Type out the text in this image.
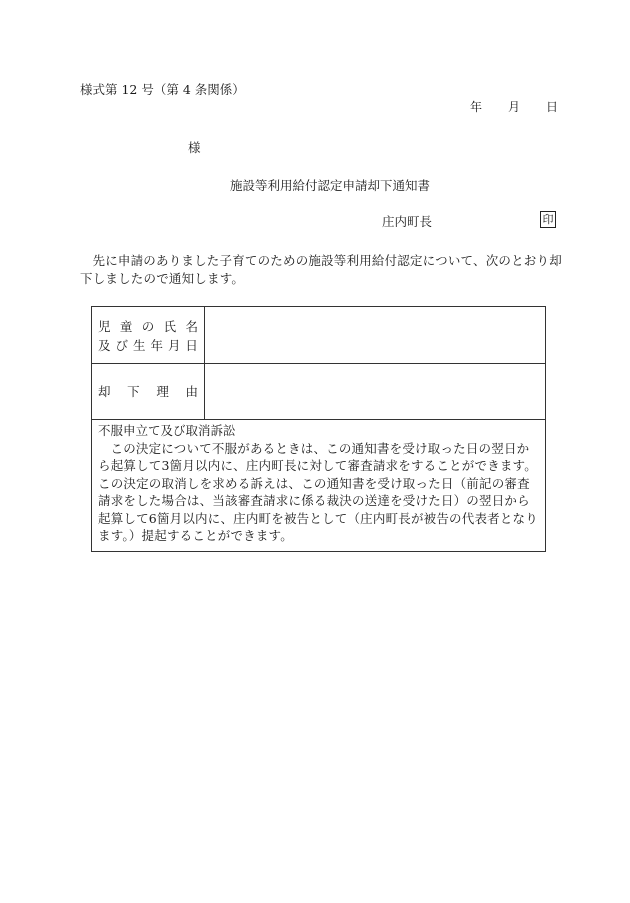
様式第 12 号（第 4 条関係）
年 月 日
様
施設等利用給付認定申請却下通知書
庄内町長	印
先に申請のありました子育てのための施設等利用給付認定について、次のとおり却下しましたので通知します。
児 童 の 氏 名
及 び 生 年 月 日
却 下 理 由
不服申立て及び取消訴訟
この決定について不服があるときは、この通知書を受け取った日の翌日から起算して3箇月以内に、庄内町長に対して審査請求をすることができます。この決定の取消しを求める訴えは、この通知書を受け取った日（前記の審査請求をした場合は、当該審査請求に係る裁決の送達を受けた日）の翌日から起算して6箇月以内に、庄内町を被告として（庄内町長が被告の代表者となります。）提起することができます。
